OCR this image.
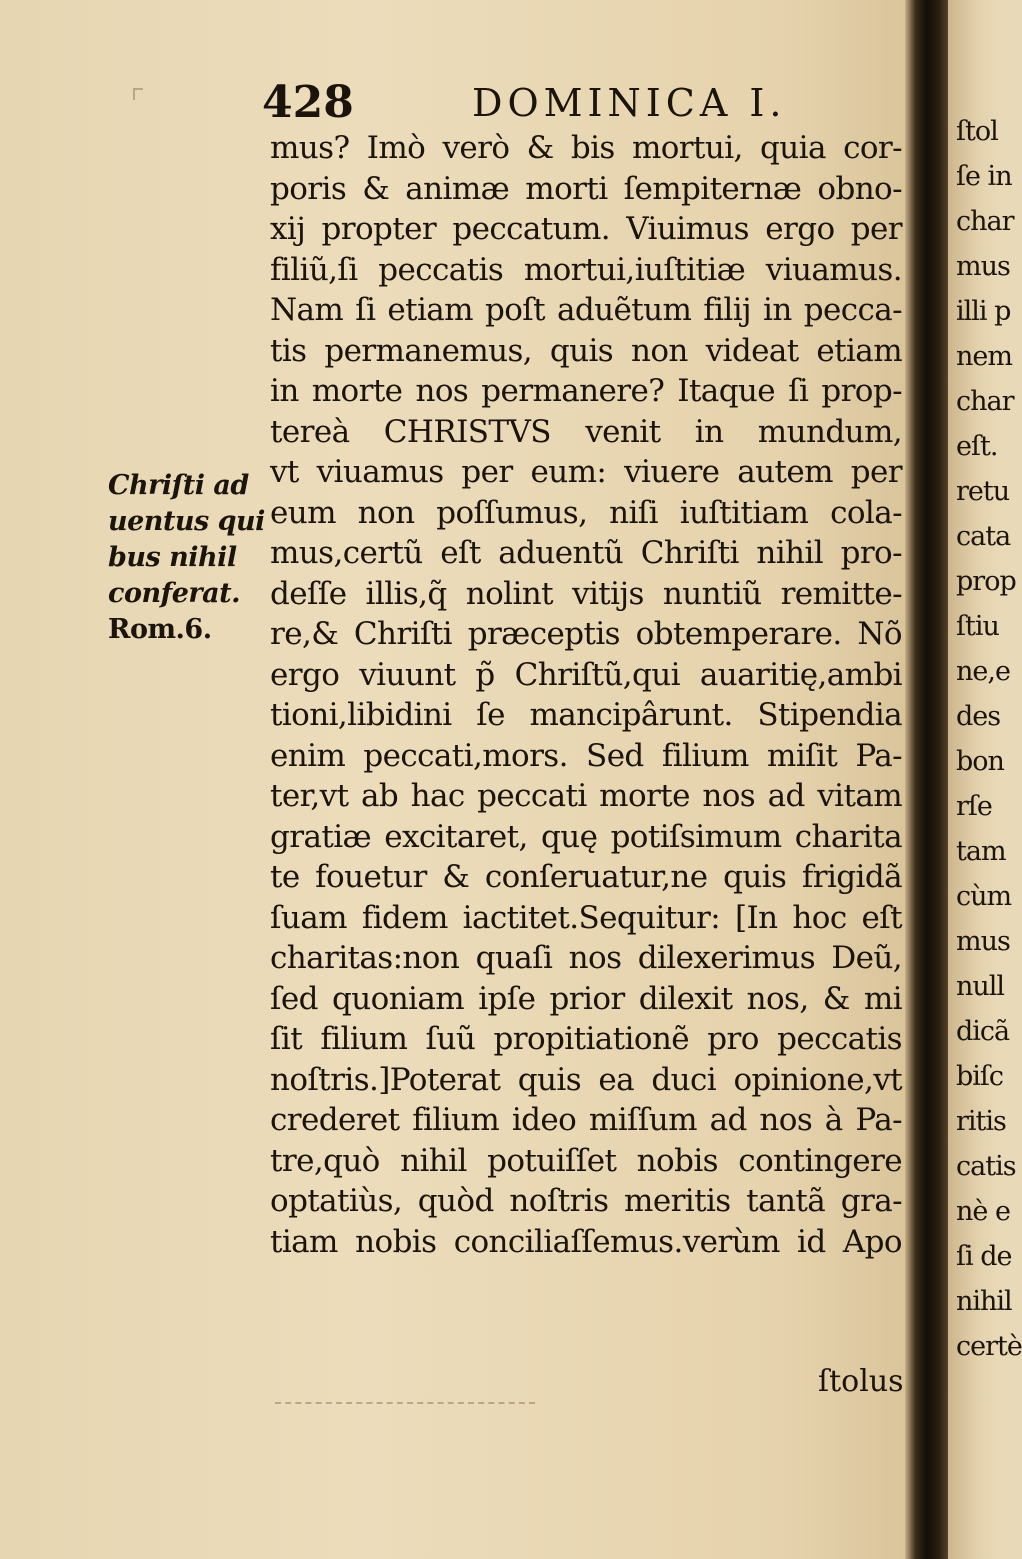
428	DOMINICA I.
Chriſti ad
uentus qui
bus nihil
conferat.
Rom.6.
mus? Imò verò & bis mortui, quia cor-
poris & animæ morti ſempiternæ obno-
xij propter peccatum. Viuimus ergo per
filiũ,ſi peccatis mortui,iuſtitiæ viuamus.
Nam ſi etiam poſt aduẽtum filij in pecca-
tis permanemus, quis non videat etiam
in morte nos permanere? Itaque ſi prop-
tereà CHRISTVS venit in mundum,
vt viuamus per eum: viuere autem per
eum non poſſumus, niſi iuſtitiam cola-
mus,certũ eſt aduentũ Chriſti nihil pro-
deſſe illis,q̃ nolint vitijs nuntiũ remitte-
re,& Chriſti præceptis obtemperare. Nõ
ergo viuunt p̃ Chriſtũ,qui auaritię,ambi
tioni,libidini ſe mancipârunt. Stipendia
enim peccati,mors. Sed filium miſit Pa-
ter,vt ab hac peccati morte nos ad vitam
gratiæ excitaret, quę potiſsimum charita
te fouetur & conſeruatur,ne quis frigidã
ſuam fidem iactitet.Sequitur: [In hoc eſt
charitas:non quaſi nos dilexerimus Deũ,
ſed quoniam ipſe prior dilexit nos, & mi
ſit filium ſuũ propitiationẽ pro peccatis
noſtris.]Poterat quis ea duci opinione,vt
crederet filium ideo miſſum ad nos à Pa-
tre,quò nihil potuiſſet nobis contingere
optatiùs, quòd noſtris meritis tantã gra-
tiam nobis conciliaſſemus.verùm id Apo
ſtolus
ſtol
ſe in
char
mus
illi p
nem
char
eſt.
retu
cata
prop
ſtiu
ne,e
des
bon
rſe
tam
cùm
mus
null
dicã
biſc
ritis
catis
nè e
ſi de
nihil
certè
